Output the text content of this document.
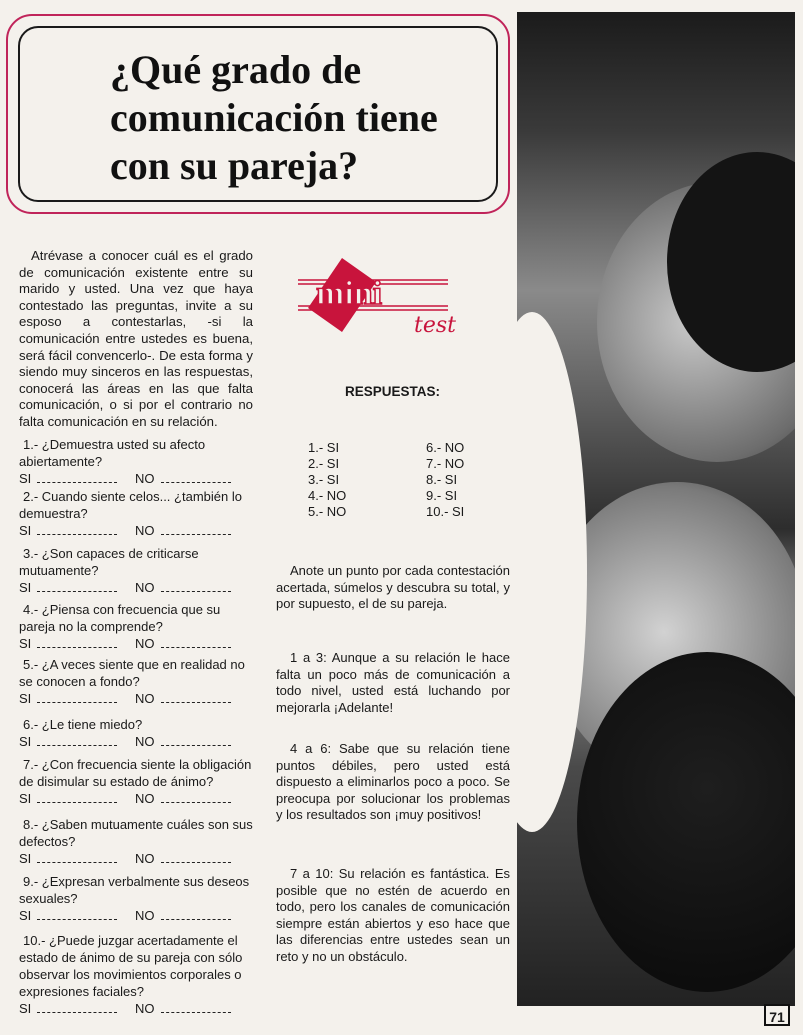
¿Qué grado de
comunicación tiene
con su pareja?

Atrévase a conocer cuál es el grado de comunicación existente entre su marido y usted. Una vez que haya contestado las preguntas, invite a su esposo a contestarlas, -si la comunicación entre ustedes es buena, será fácil convencerlo-. De esta forma y siendo muy sinceros en las respuestas, conocerá las áreas en las que falta comunicación, o si por el contrario no falta comunicación en su relación.

1.- ¿Demuestra usted su afecto abiertamente?
SI	NO
2.- Cuando siente celos... ¿también lo demuestra?
SI	NO
3.- ¿Son capaces de criticarse mutuamente?
SI	NO
4.- ¿Piensa con frecuencia que su pareja no la comprende?
SI	NO
5.- ¿A veces siente que en realidad no se conocen a fondo?
SI	NO
6.- ¿Le tiene miedo?
SI	NO
7.- ¿Con frecuencia siente la obligación de disimular su estado de ánimo?
SI	NO
8.- ¿Saben mutuamente cuáles son sus defectos?
SI	NO
9.- ¿Expresan verbalmente sus deseos sexuales?
SI	NO
10.- ¿Puede juzgar acertadamente el estado de ánimo de su pareja con sólo observar los movimientos corporales o expresiones faciales?
SI	NO
mini
test
RESPUESTAS:
1.- SI
2.- SI
3.- SI
4.- NO
5.- NO
6.- NO
7.- NO
8.- SI
9.- SI
10.- SI

Anote un punto por cada contestación acertada, súmelos y descubra su total, y por supuesto, el de su pareja.

1 a 3: Aunque a su relación le hace falta un poco más de comunicación a todo nivel, usted está luchando por mejorarla ¡Adelante!

4 a 6: Sabe que su relación tiene puntos débiles, pero usted está dispuesto a eliminarlos poco a poco. Se preocupa por solucionar los problemas y los resultados son ¡muy positivos!

7 a 10: Su relación es fantástica. Es posible que no estén de acuerdo en todo, pero los canales de comunicación siempre están abiertos y eso hace que las diferencias entre ustedes sean un reto y no un obstáculo.

71
